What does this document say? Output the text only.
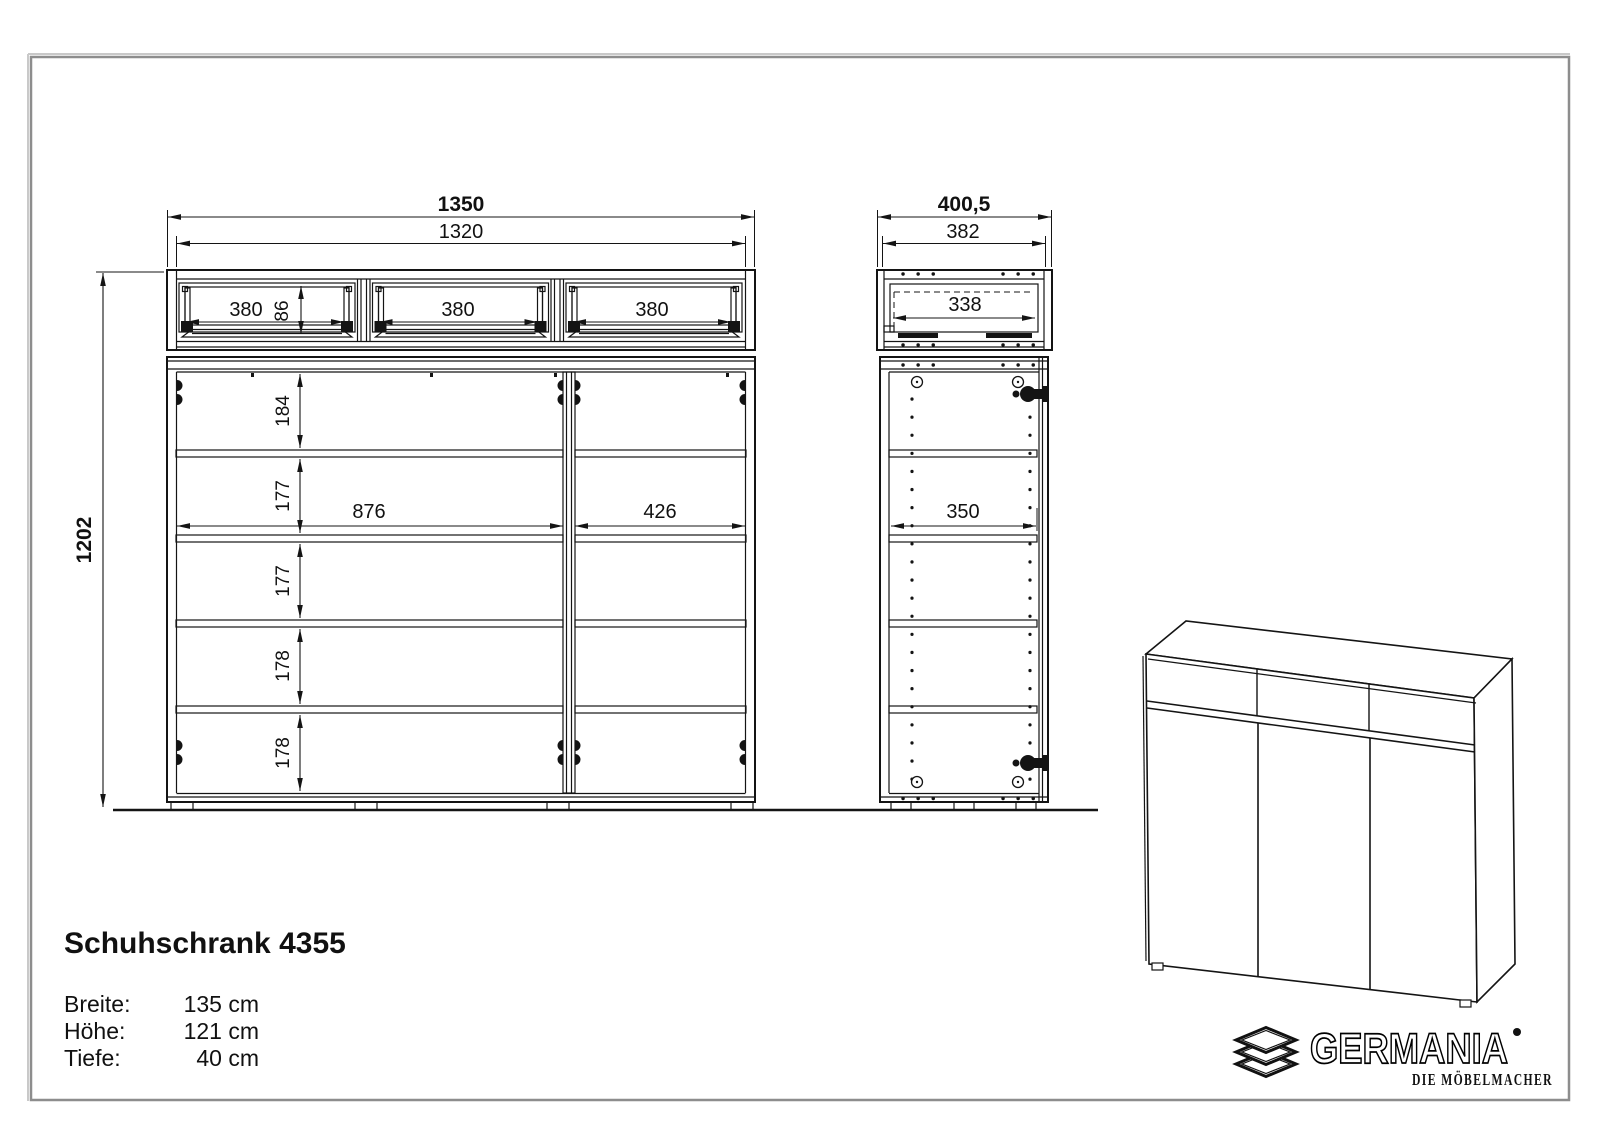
1350
1320
380 86	380	380
1202
184
177
177
178
178
876	426
400,5
382
338
350
Schuhschrank 4355
Breite: 135 cm
Höhe:	121 cm
Tiefe:	40 cm	GERMANIA
DIE MÖBELMACHER
